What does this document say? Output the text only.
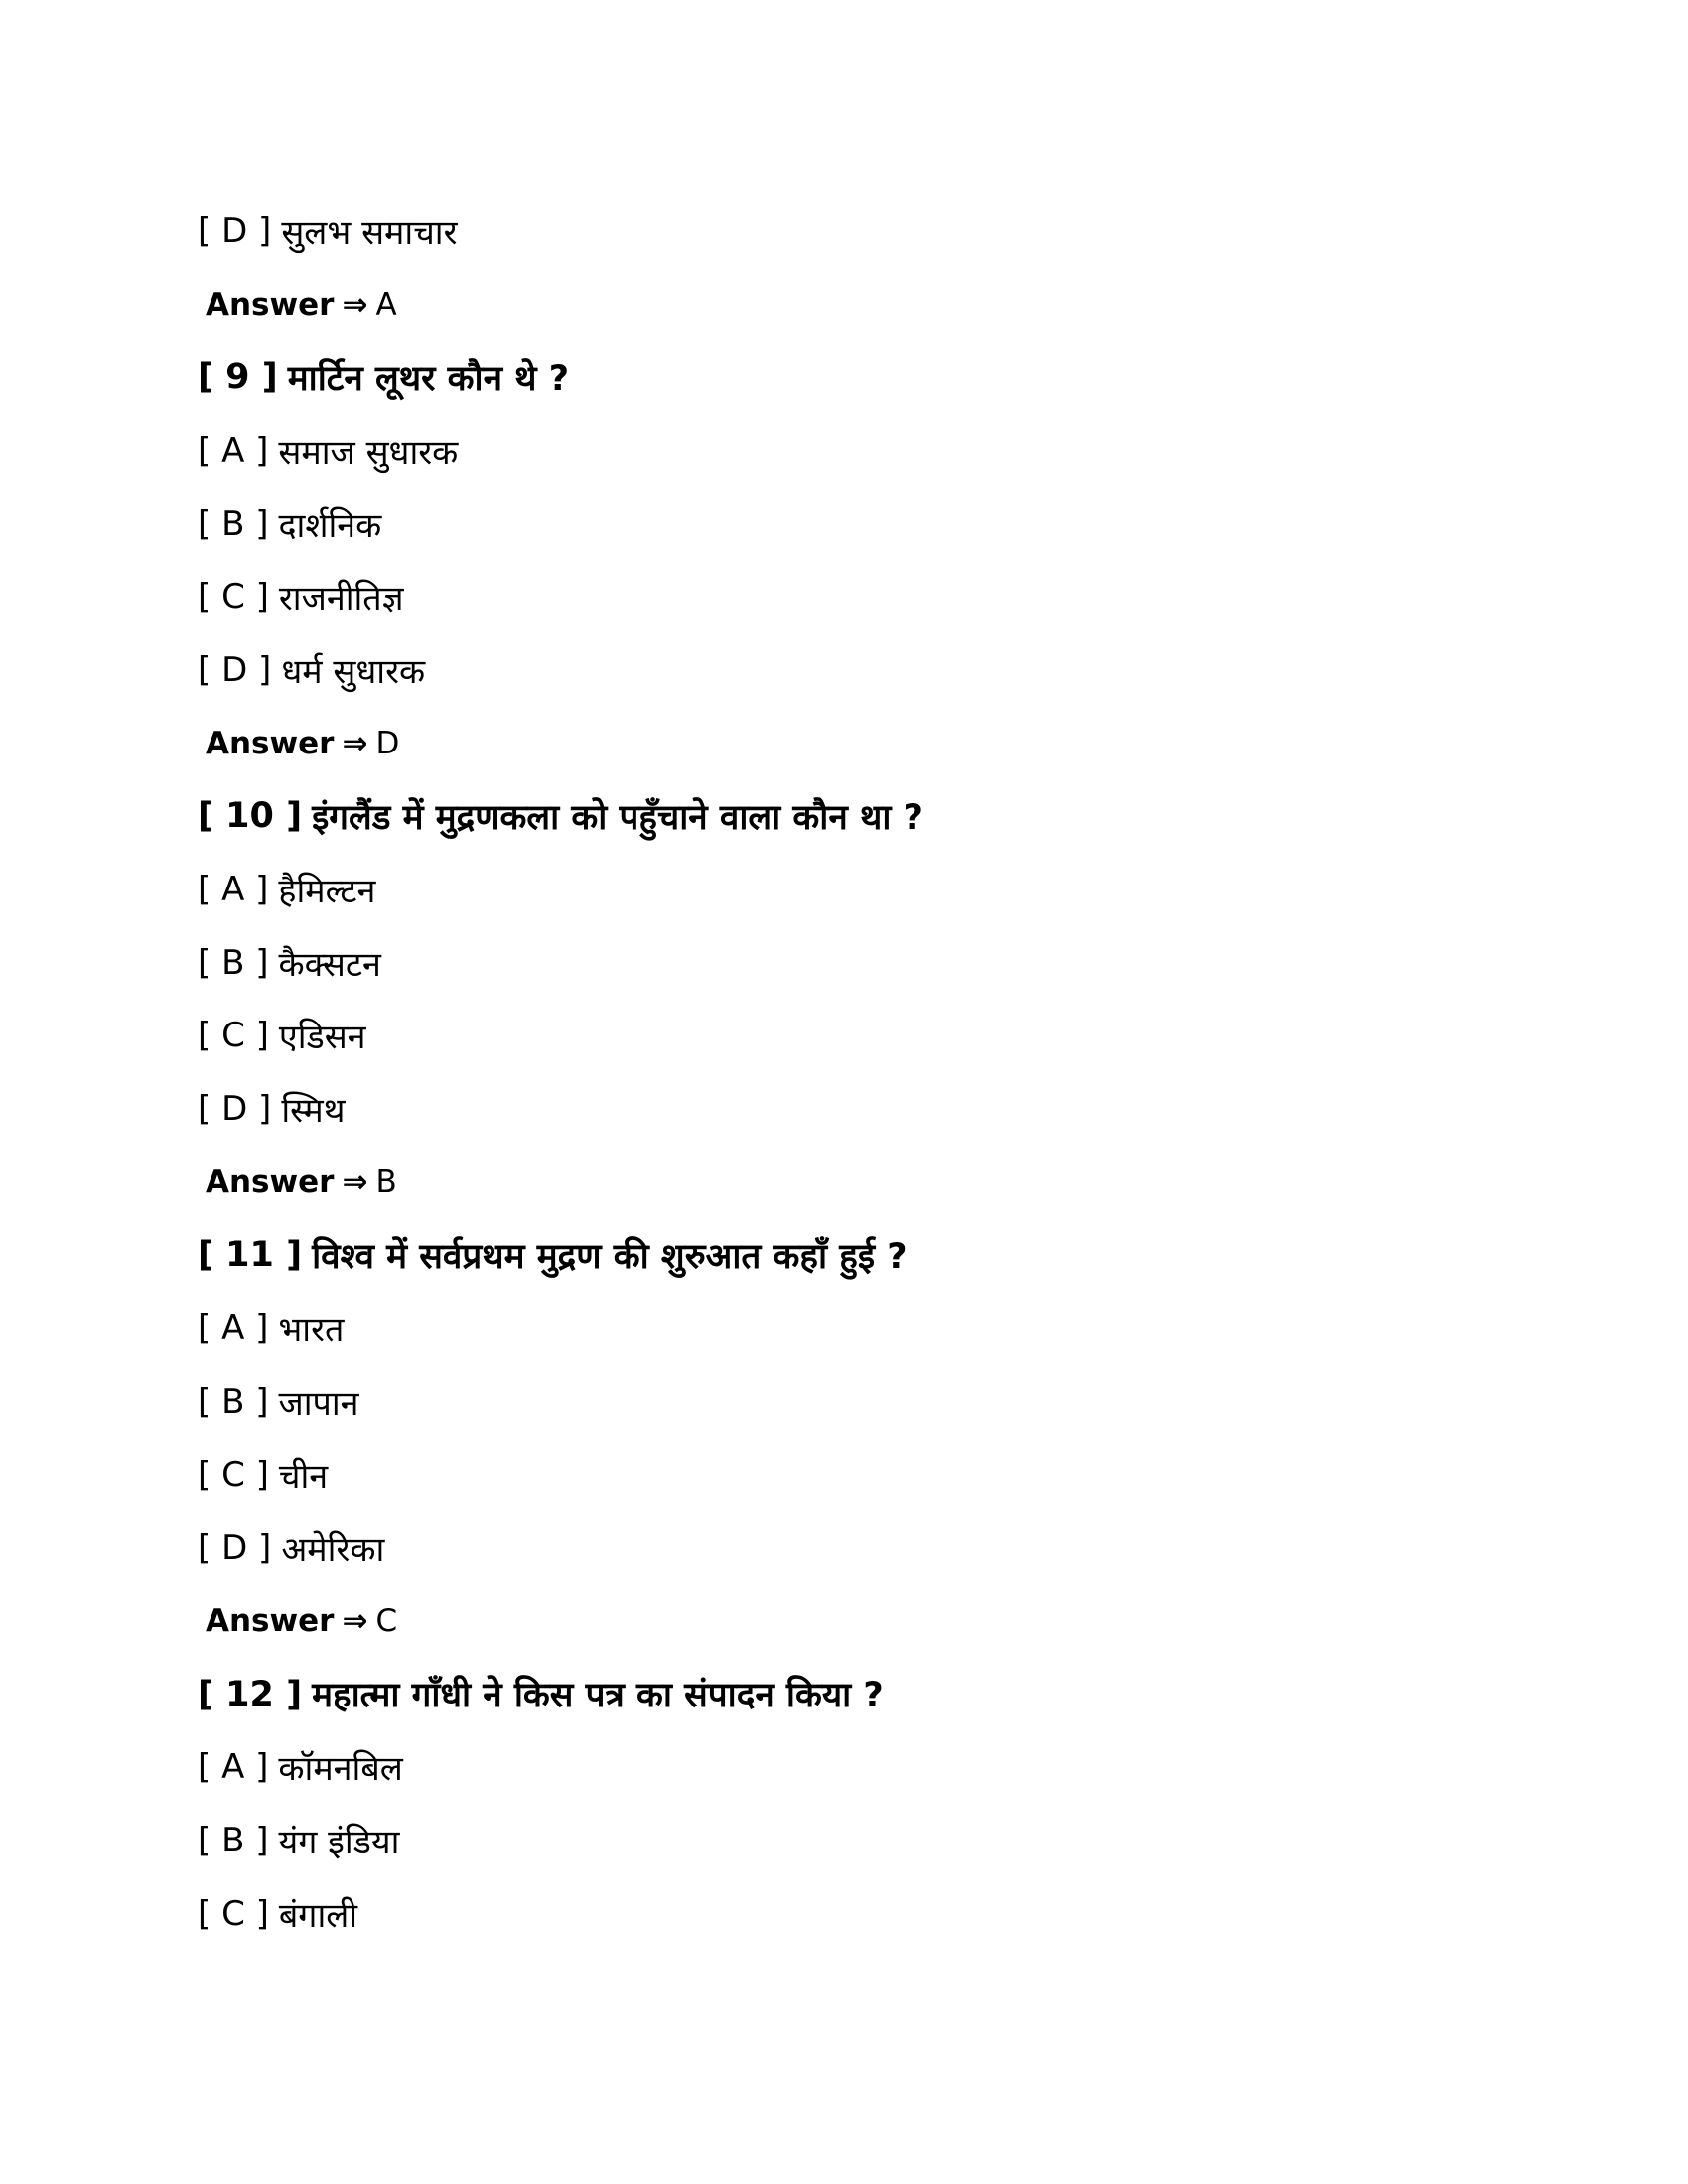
[ D ] सुलभ समाचार
Answer ⇒ A
[ 9 ] मार्टिन लूथर कौन थे ?
[ A ] समाज सुधारक
[ B ] दार्शनिक
[ C ] राजनीतिज्ञ
[ D ] धर्म सुधारक
Answer ⇒ D
[ 10 ] इंगलैंड में मुद्रणकला को पहुँचाने वाला कौन था ?
[ A ] हैमिल्टन
[ B ] कैक्सटन
[ C ] एडिसन
[ D ] स्मिथ
Answer ⇒ B
[ 11 ] विश्व में सर्वप्रथम मुद्रण की शुरुआत कहाँ हुई ?
[ A ] भारत
[ B ] जापान
[ C ] चीन
[ D ] अमेरिका
Answer ⇒ C
[ 12 ] महात्मा गाँधी ने किस पत्र का संपादन किया ?
[ A ] कॉमनबिल
[ B ] यंग इंडिया
[ C ] बंगाली
